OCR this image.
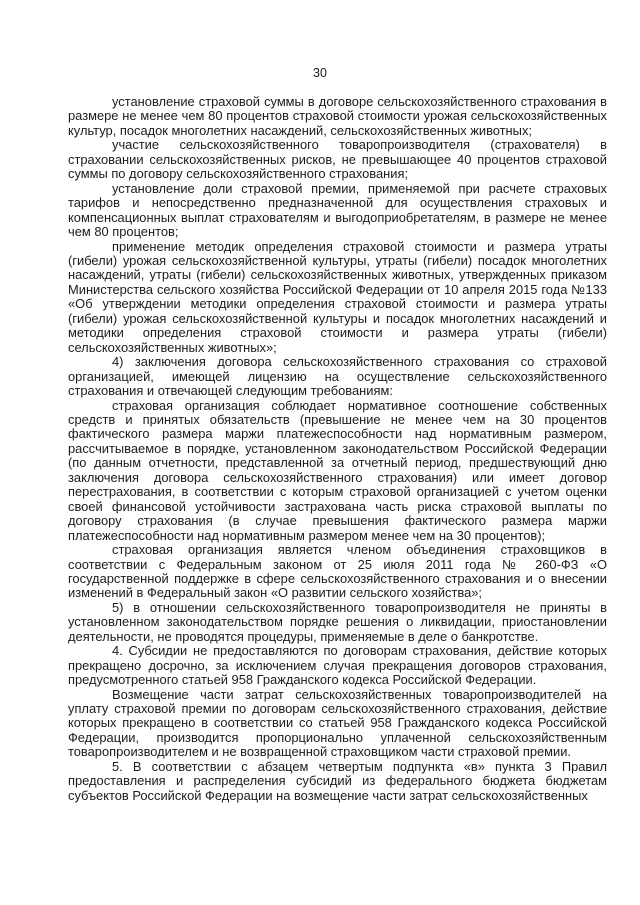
30

установление страховой суммы в договоре сельскохозяйственного страхования в размере не менее чем 80 процентов страховой стоимости урожая сельскохозяйственных культур, посадок многолетних насаждений, сельскохозяйственных животных;

участие сельскохозяйственного товаропроизводителя (страхователя) в страховании сельскохозяйственных рисков, не превышающее 40 процентов страховой суммы по договору сельскохозяйственного страхования;

установление доли страховой премии, применяемой при расчете страховых тарифов и непосредственно предназначенной для осуществления страховых и компенсационных выплат страхователям и выгодоприобретателям, в размере не менее чем 80 процентов;

применение методик определения страховой стоимости и размера утраты (гибели) урожая сельскохозяйственной культуры, утраты (гибели) посадок многолетних насаждений, утраты (гибели) сельскохозяйственных животных, утвержденных приказом Министерства сельского хозяйства Российской Федерации от 10 апреля 2015 года №133 «Об утверждении методики определения страховой стоимости и размера утраты (гибели) урожая сельскохозяйственной культуры и посадок многолетних насаждений и методики определения страховой стоимости и размера утраты (гибели) сельскохозяйственных животных»;

4) заключения договора сельскохозяйственного страхования со страховой организацией, имеющей лицензию на осуществление сельскохозяйственного страхования и отвечающей следующим требованиям:

страховая организация соблюдает нормативное соотношение собственных средств и принятых обязательств (превышение не менее чем на 30 процентов фактического размера маржи платежеспособности над нормативным размером, рассчитываемое в порядке, установленном законодательством Российской Федерации (по данным отчетности, представленной за отчетный период, предшествующий дню заключения договора сельскохозяйственного страхования) или имеет договор перестрахования, в соответствии с которым страховой организацией с учетом оценки своей финансовой устойчивости застрахована часть риска страховой выплаты по договору страхования (в случае превышения фактического размера маржи платежеспособности над нормативным размером менее чем на 30 процентов);

страховая организация является членом объединения страховщиков в соответствии с Федеральным законом от 25 июля 2011 года № 260-ФЗ «О государственной поддержке в сфере сельскохозяйственного страхования и о внесении изменений в Федеральный закон «О развитии сельского хозяйства»;

5) в отношении сельскохозяйственного товаропроизводителя не приняты в установленном законодательством порядке решения о ликвидации, приостановлении деятельности, не проводятся процедуры, применяемые в деле о банкротстве.

4. Субсидии не предоставляются по договорам страхования, действие которых прекращено досрочно, за исключением случая прекращения договоров страхования, предусмотренного статьей 958 Гражданского кодекса Российской Федерации.

Возмещение части затрат сельскохозяйственных товаропроизводителей на уплату страховой премии по договорам сельскохозяйственного страхования, действие которых прекращено в соответствии со статьей 958 Гражданского кодекса Российской Федерации, производится пропорционально уплаченной сельскохозяйственным товаропроизводителем и не возвращенной страховщиком части страховой премии.

5. В соответствии с абзацем четвертым подпункта «в» пункта 3 Правил предоставления и распределения субсидий из федерального бюджета бюджетам субъектов Российской Федерации на возмещение части затрат сельскохозяйственных
